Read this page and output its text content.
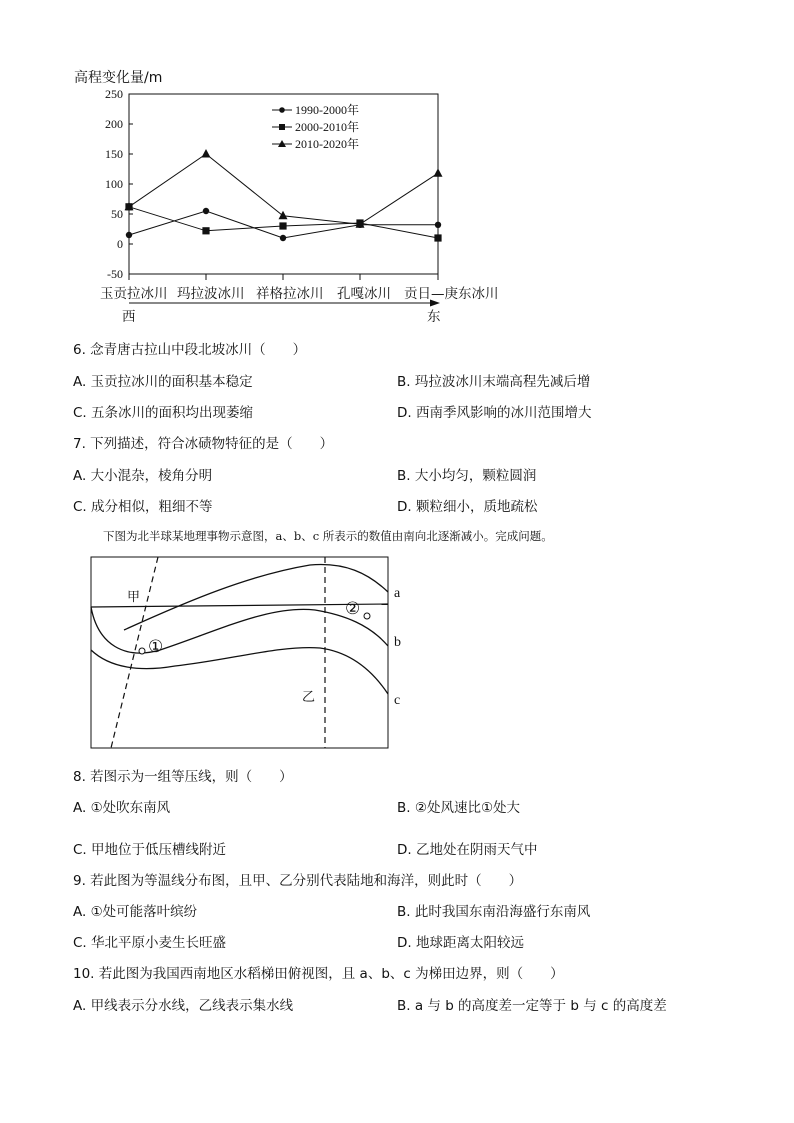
高程变化量/m
250
200
150
100
50
0
-50
1990-2000年
2000-2010年
2010-2020年
玉贡拉冰川 玛拉波冰川 祥格拉冰川 孔嘎冰川 贡日—庚东冰川
西	东
6. 念青唐古拉山中段北坡冰川（　　）
A. 玉贡拉冰川的面积基本稳定	B. 玛拉波冰川末端高程先减后增
C. 五条冰川的面积均出现萎缩	D. 西南季风影响的冰川范围增大
7. 下列描述，符合冰碛物特征的是（　　）
A. 大小混杂，棱角分明	B. 大小均匀，颗粒圆润
C. 成分相似，粗细不等	D. 颗粒细小，质地疏松
下图为北半球某地理事物示意图，a、b、c 所表示的数值由南向北逐渐减小。完成问题。
甲
乙
①
②
a
b
c
8. 若图示为一组等压线，则（　　）
A. ①处吹东南风	B. ②处风速比①处大
C. 甲地位于低压槽线附近	D. 乙地处在阴雨天气中
9. 若此图为等温线分布图，且甲、乙分别代表陆地和海洋，则此时（　　）
A. ①处可能落叶缤纷	B. 此时我国东南沿海盛行东南风
C. 华北平原小麦生长旺盛	D. 地球距离太阳较远
10. 若此图为我国西南地区水稻梯田俯视图，且 a、b、c 为梯田边界，则（　　）
A. 甲线表示分水线，乙线表示集水线	B. a 与 b 的高度差一定等于 b 与 c 的高度差
